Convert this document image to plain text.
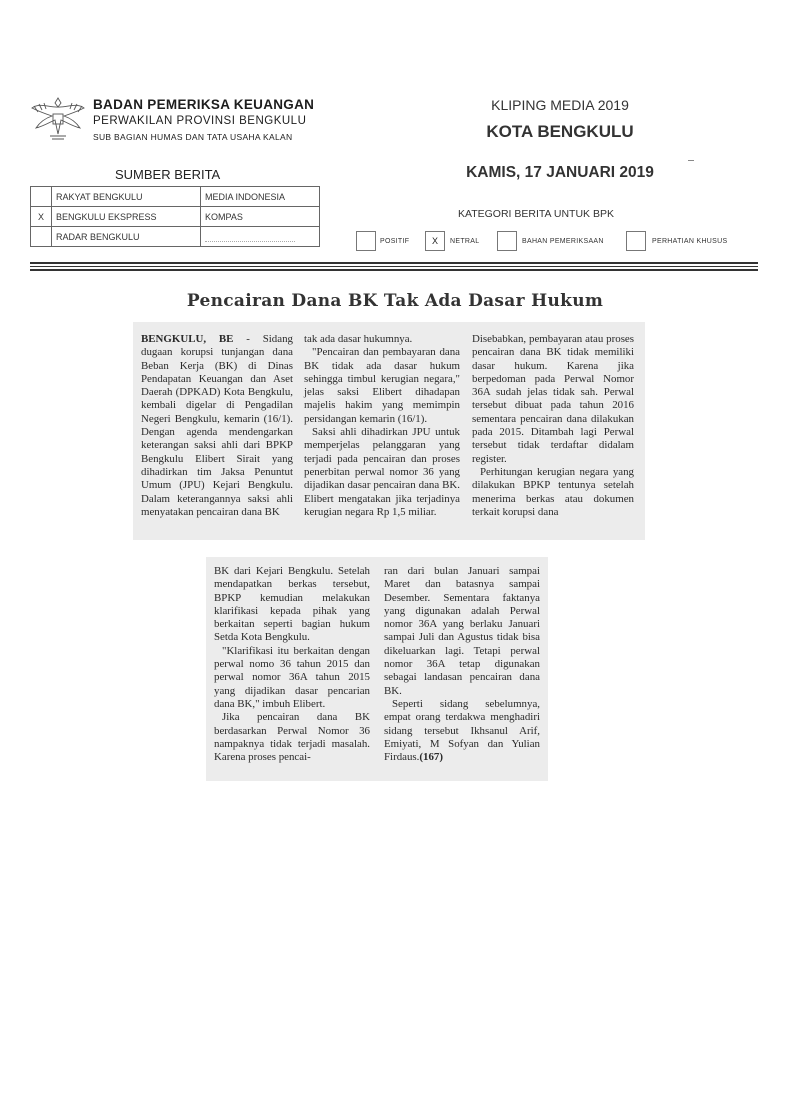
BADAN PEMERIKSA KEUANGAN
PERWAKILAN PROVINSI BENGKULU
SUB BAGIAN HUMAS DAN TATA USAHA KALAN
KLIPING MEDIA 2019
KOTA BENGKULU
KAMIS, 17 JANUARI 2019
SUMBER BERITA
	RAKYAT BENGKULU	MEDIA INDONESIA
X	BENGKULU EKSPRESS	KOMPAS
	RADAR BENGKULU	
KATEGORI BERITA UNTUK BPK
POSITIF	X	NETRAL	BAHAN PEMERIKSAAN	PERHATIAN KHUSUS
Pencairan Dana BK Tak Ada Dasar Hukum

BENGKULU, BE - Sidang dugaan korupsi tunjangan dana Beban Kerja (BK) di Dinas Pendapatan Keuangan dan Aset Daerah (DPKAD) Kota Bengkulu, kembali digelar di Pengadilan Negeri Bengkulu, kemarin (16/1). Dengan agenda mendengarkan keterangan saksi ahli dari BPKP Bengkulu Elibert Sirait yang dihadirkan tim Jaksa Penuntut Umum (JPU) Kejari Bengkulu. Dalam keterangannya saksi ahli menyatakan pencairan dana BK

tak ada dasar hukumnya.

"Pencairan dan pembayaran dana BK tidak ada dasar hukum sehingga timbul kerugian negara," jelas saksi Elibert dihadapan majelis hakim yang memimpin persidangan kemarin (16/1).

Saksi ahli dihadirkan JPU untuk memperjelas pelanggaran yang terjadi pada pencairan dan proses penerbitan perwal nomor 36 yang dijadikan dasar pencairan dana BK. Elibert mengatakan jika terjadinya kerugian negara Rp 1,5 miliar.

Disebabkan, pembayaran atau proses pencairan dana BK tidak memiliki dasar hukum. Karena jika berpedoman pada Perwal Nomor 36A sudah jelas tidak sah. Perwal tersebut dibuat pada tahun 2016 sementara pencairan dana dilakukan pada 2015. Ditambah lagi Perwal tersebut tidak terdaftar didalam register.

Perhitungan kerugian negara yang dilakukan BPKP tentunya setelah menerima berkas atau dokumen terkait korupsi dana

BK dari Kejari Bengkulu. Setelah mendapatkan berkas tersebut, BPKP kemudian melakukan klarifikasi kepada pihak yang berkaitan seperti bagian hukum Setda Kota Bengkulu.

"Klarifikasi itu berkaitan dengan perwal nomo 36 tahun 2015 dan perwal nomor 36A tahun 2015 yang dijadikan dasar pencarian dana BK," imbuh Elibert.

Jika pencairan dana BK berdasarkan Perwal Nomor 36 nampaknya tidak terjadi masalah. Karena proses pencai-

ran dari bulan Januari sampai Maret dan batasnya sampai Desember. Sementara faktanya yang digunakan adalah Perwal nomor 36A yang berlaku Januari sampai Juli dan Agustus tidak bisa dikeluarkan lagi. Tetapi perwal nomor 36A tetap digunakan sebagai landasan pencairan dana BK.

Seperti sidang sebelumnya, empat orang terdakwa menghadiri sidang tersebut Ikhsanul Arif, Emiyati, M Sofyan dan Yulian Firdaus.(167)
